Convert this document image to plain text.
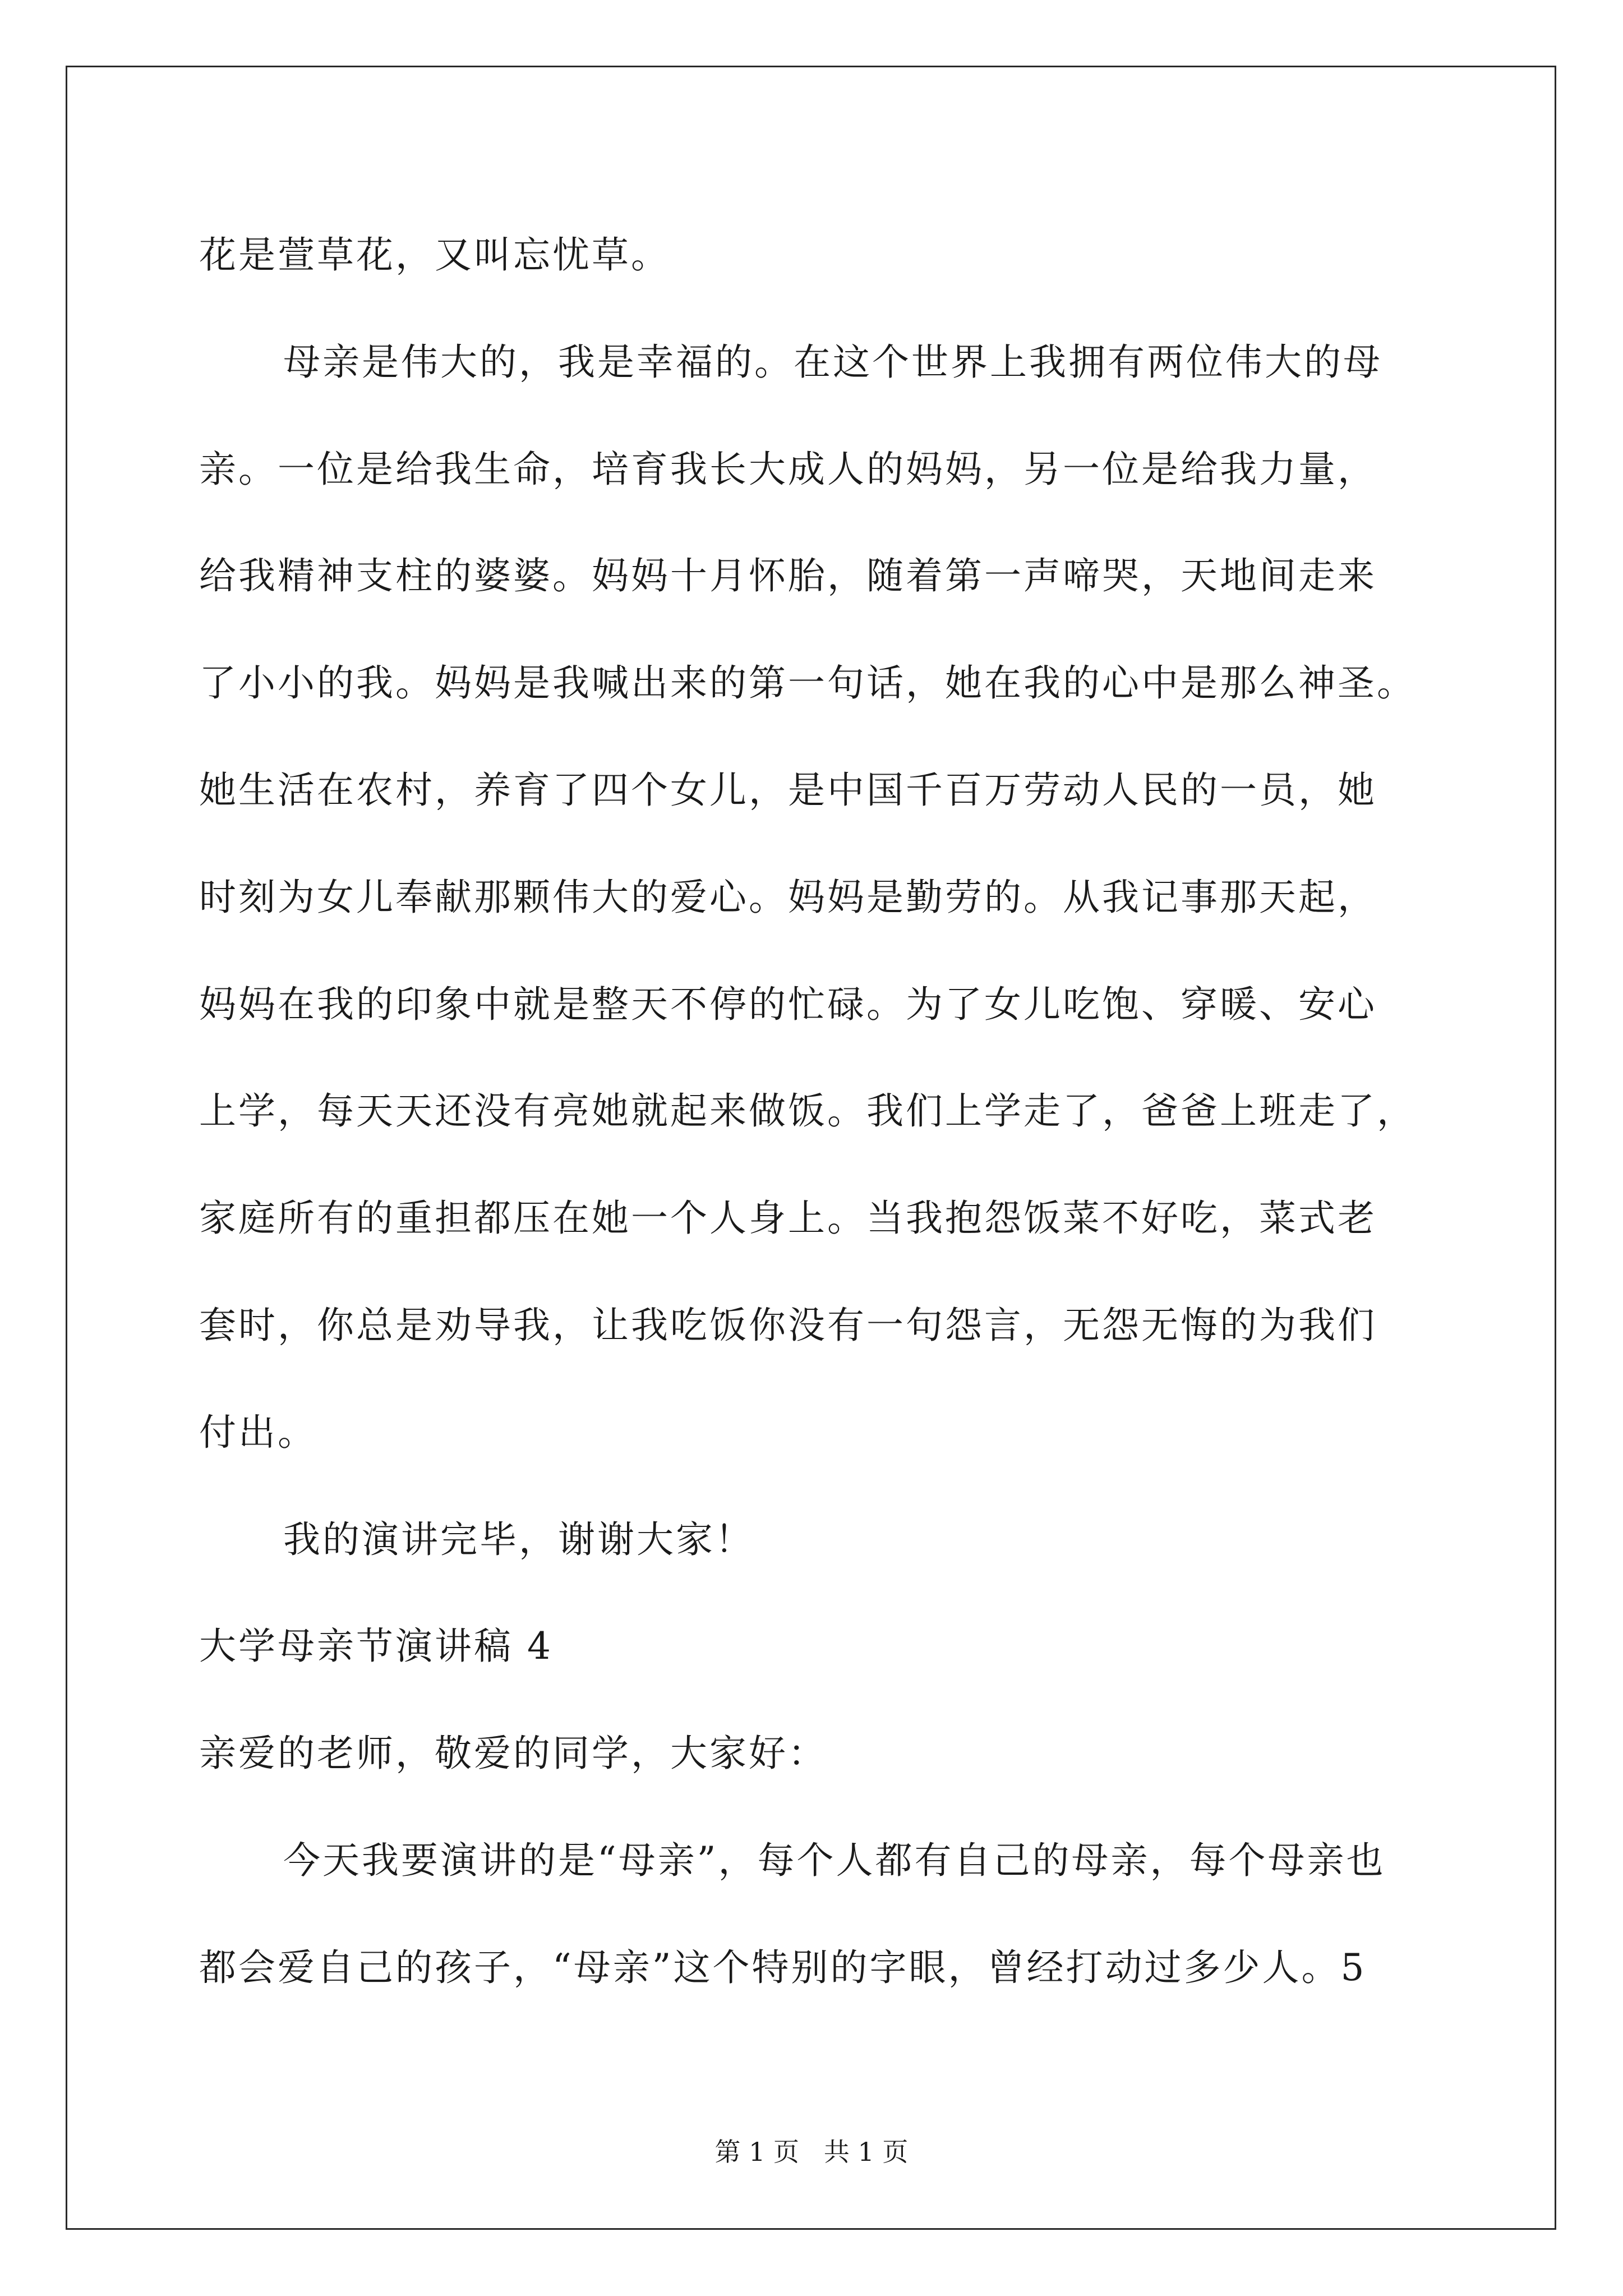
花是萱草花，又叫忘忧草。
母亲是伟大的，我是幸福的。在这个世界上我拥有两位伟大的母
亲。一位是给我生命，培育我长大成人的妈妈，另一位是给我力量，
给我精神支柱的婆婆。妈妈十月怀胎，随着第一声啼哭，天地间走来
了小小的我。妈妈是我喊出来的第一句话，她在我的心中是那么神圣。
她生活在农村，养育了四个女儿，是中国千百万劳动人民的一员，她
时刻为女儿奉献那颗伟大的爱心。妈妈是勤劳的。从我记事那天起，
妈妈在我的印象中就是整天不停的忙碌。为了女儿吃饱、穿暖、安心
上学，每天天还没有亮她就起来做饭。我们上学走了，爸爸上班走了，
家庭所有的重担都压在她一个人身上。当我抱怨饭菜不好吃，菜式老
套时，你总是劝导我，让我吃饭你没有一句怨言，无怨无悔的为我们
付出。
我的演讲完毕，谢谢大家！
大学母亲节演讲稿 4
亲爱的老师，敬爱的同学，大家好：
今天我要演讲的是“母亲”，每个人都有自己的母亲，每个母亲也
都会爱自己的孩子，“母亲”这个特别的字眼，曾经打动过多少人。5
第 1 页   共 1 页
